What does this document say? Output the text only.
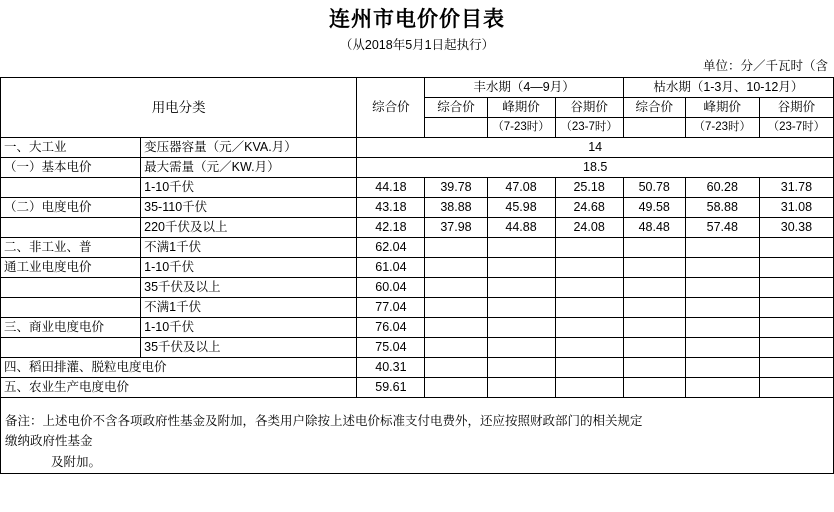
连州市电价价目表
（从2018年5月1日起执行）
单位：分／千瓦时（含
用电分类		综合价	丰水期（4—9月）			枯水期（1-3月、10-12月）		
			综合价	峰期价	谷期价	综合价	峰期价	谷期价
				（7-23时）	（23-7时）		（7-23时）	（23-7时）
一、大工业	变压器容量（元／KVA.月）	14						
（一）基本电价	最大需量（元／KW.月）	18.5						
	1-10千伏	44.18	39.78	47.08	25.18	50.78	60.28	31.78
（二）电度电价	35-110千伏	43.18	38.88	45.98	24.68	49.58	58.88	31.08
	220千伏及以上	42.18	37.98	44.88	24.08	48.48	57.48	30.38
二、非工业、普	不满1千伏	62.04						
通工业电度电价	1-10千伏	61.04						
	35千伏及以上	60.04						
	不满1千伏	77.04						
三、商业电度电价	1-10千伏	76.04						
	35千伏及以上	75.04						
四、稻田排灌、脱粒电度电价		40.31						
五、农业生产电度电价		59.61						

备注：上述电价不含各项政府性基金及附加，各类用户除按上述电价标准支付电费外，还应按照财政部门的相关规定								
缴纳政府性基金								
及附加。								
